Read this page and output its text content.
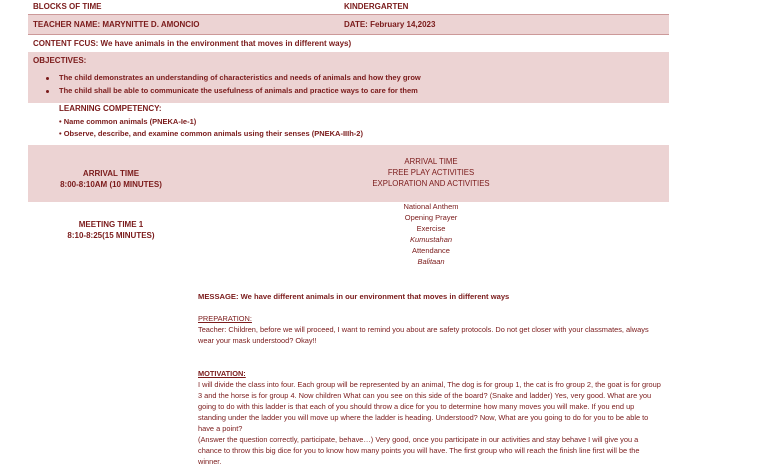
BLOCKS OF TIME	KINDERGARTEN
TEACHER NAME: MARYNITTE D. AMONCIO	DATE: February 14,2023
CONTENT FCUS: We have animals in the environment that moves in different ways)
OBJECTIVES:
The child demonstrates an understanding of characteristics and needs of animals and how they grow
The child shall be able to communicate the usefulness of animals and practice ways to care for them
LEARNING COMPETENCY:
• Name common animals (PNEKA-Ie-1)
• Observe, describe, and examine common animals using their senses (PNEKA-IIIh-2)
ARRIVAL TIME
8:00-8:10AM (10 MINUTES)
ARRIVAL TIME
FREE PLAY ACTIVITIES
EXPLORATION AND ACTIVITIES
MEETING TIME 1
8:10-8:25(15 MINUTES)
National Anthem
Opening Prayer
Exercise
Kumustahan
Attendance
Balitaan
MESSAGE: We have different animals in our environment that moves in different ways
PREPARATION:
Teacher: Children, before we will proceed, I want to remind you about are safety protocols. Do not get closer with your classmates, always wear your mask understood? Okay!!
MOTIVATION:
I will divide the class into four. Each group will be represented by an animal, The dog is for group 1, the cat is fro group 2, the goat is for group 3 and the horse is for group 4. Now children What can you see on this side of the board? (Snake and ladder) Yes, very good. What are you going to do with this ladder is that each of you should throw a dice for you to determine how many moves you will make. If you end up standing under the ladder you will move up where the ladder is heading. Understood? Now, What are you going to do for you to be able to have a point?
(Answer the question correctly, participate, behave…) Very good, once you participate in our activities and stay behave I will give you a chance to throw this big dice for you to know how many points you will have. The first group who will reach the finish line first will be the winner.
